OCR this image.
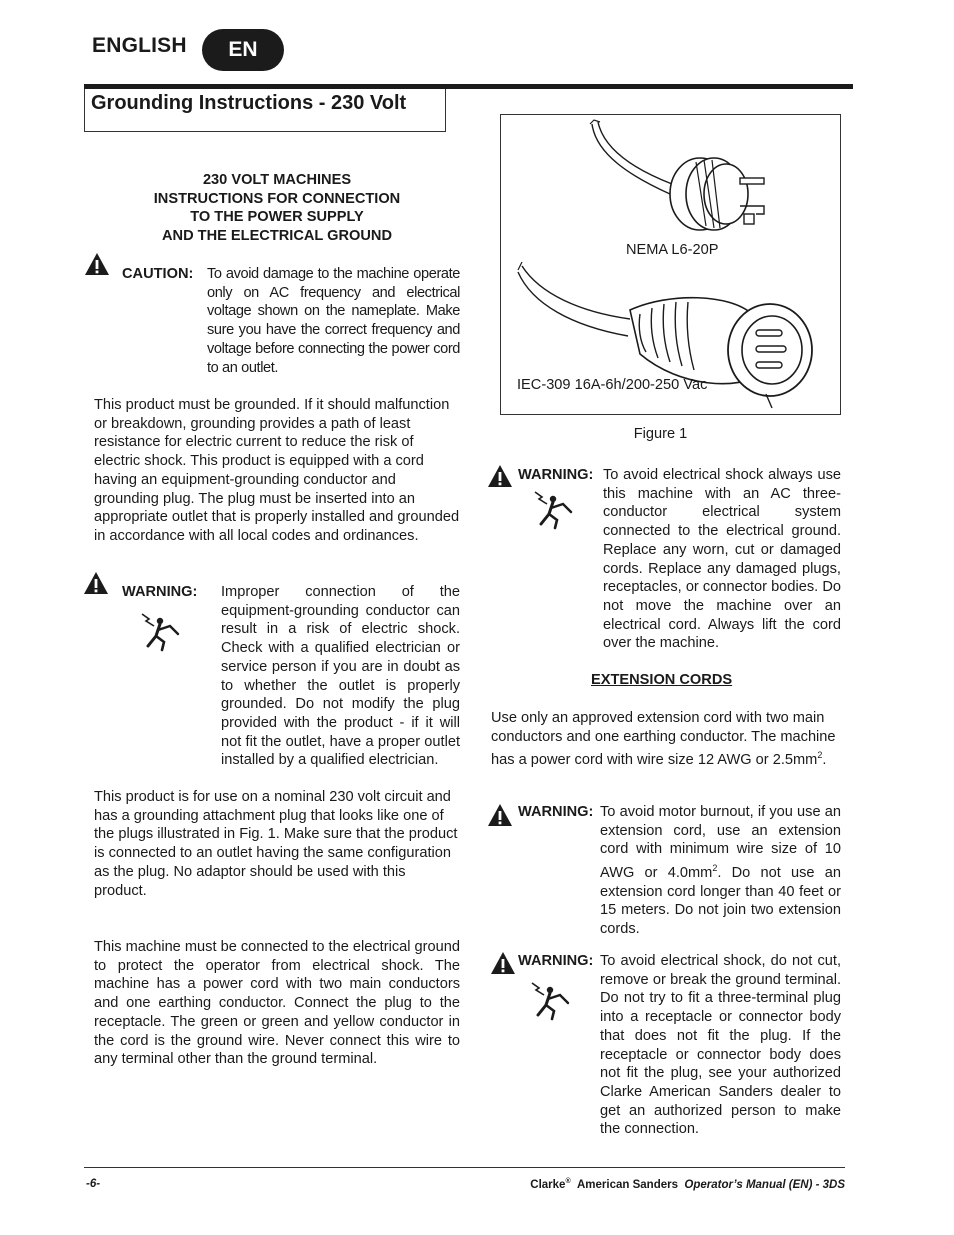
ENGLISH	EN
Grounding Instructions - 230 Volt
230 VOLT MACHINES
INSTRUCTIONS FOR CONNECTION
TO THE POWER SUPPLY
AND THE ELECTRICAL GROUND
CAUTION: To avoid damage to the machine operate only on AC frequency and electrical voltage shown on the nameplate. Make sure you have the correct frequency and voltage before connecting the power cord to an outlet.
This product must be grounded. If it should malfunction or breakdown, grounding provides a path of least resistance for electric current to reduce the risk of electric shock. This product is equipped with a cord having an equipment-grounding conductor and grounding plug. The plug must be inserted into an appropriate outlet that is properly installed and grounded in accordance with all local codes and ordinances.
WARNING: Improper connection of the equipment-grounding conductor can result in a risk of electric shock. Check with a qualified electrician or service person if you are in doubt as to whether the outlet is properly grounded. Do not modify the plug provided with the product - if it will not fit the outlet, have a proper outlet installed by a qualified electrician.
This product is for use on a nominal 230 volt circuit and has a grounding attachment plug that looks like one of the plugs illustrated in Fig. 1. Make sure that the product is connected to an outlet having the same configuration as the plug. No adaptor should be used with this product.
This machine must be connected to the electrical ground to protect the operator from electrical shock. The machine has a power cord with two main conductors and one earthing conductor. Connect the plug to the receptacle. The green or green and yellow conductor in the cord is the ground wire. Never connect this wire to any terminal other than the ground terminal.
NEMA L6-20P
IEC-309 16A-6h/200-250 Vac
Figure 1
WARNING: To avoid electrical shock always use this machine with an AC three-conductor electrical system connected to the electrical ground. Replace any worn, cut or damaged cords. Replace any damaged plugs, receptacles, or connector bodies. Do not move the machine over an electrical cord. Always lift the cord over the machine.
EXTENSION CORDS
Use only an approved extension cord with two main conductors and one earthing conductor. The machine has a power cord with wire size 12 AWG or $2.5mm^2$.
WARNING: To avoid motor burnout, if you use an extension cord, use an extension cord with minimum wire size of 10 AWG or $4.0mm^2$. Do not use an extension cord longer than 40 feet or 15 meters. Do not join two extension cords.
WARNING: To avoid electrical shock, do not cut, remove or break the ground terminal. Do not try to fit a three-terminal plug into a receptacle or connector body that does not fit the plug. If the receptacle or connector body does not fit the plug, see your authorized Clarke American Sanders dealer to get an authorized person to make the connection.
-6-	Clarke® American Sanders Operator’s Manual (EN) - 3DS
